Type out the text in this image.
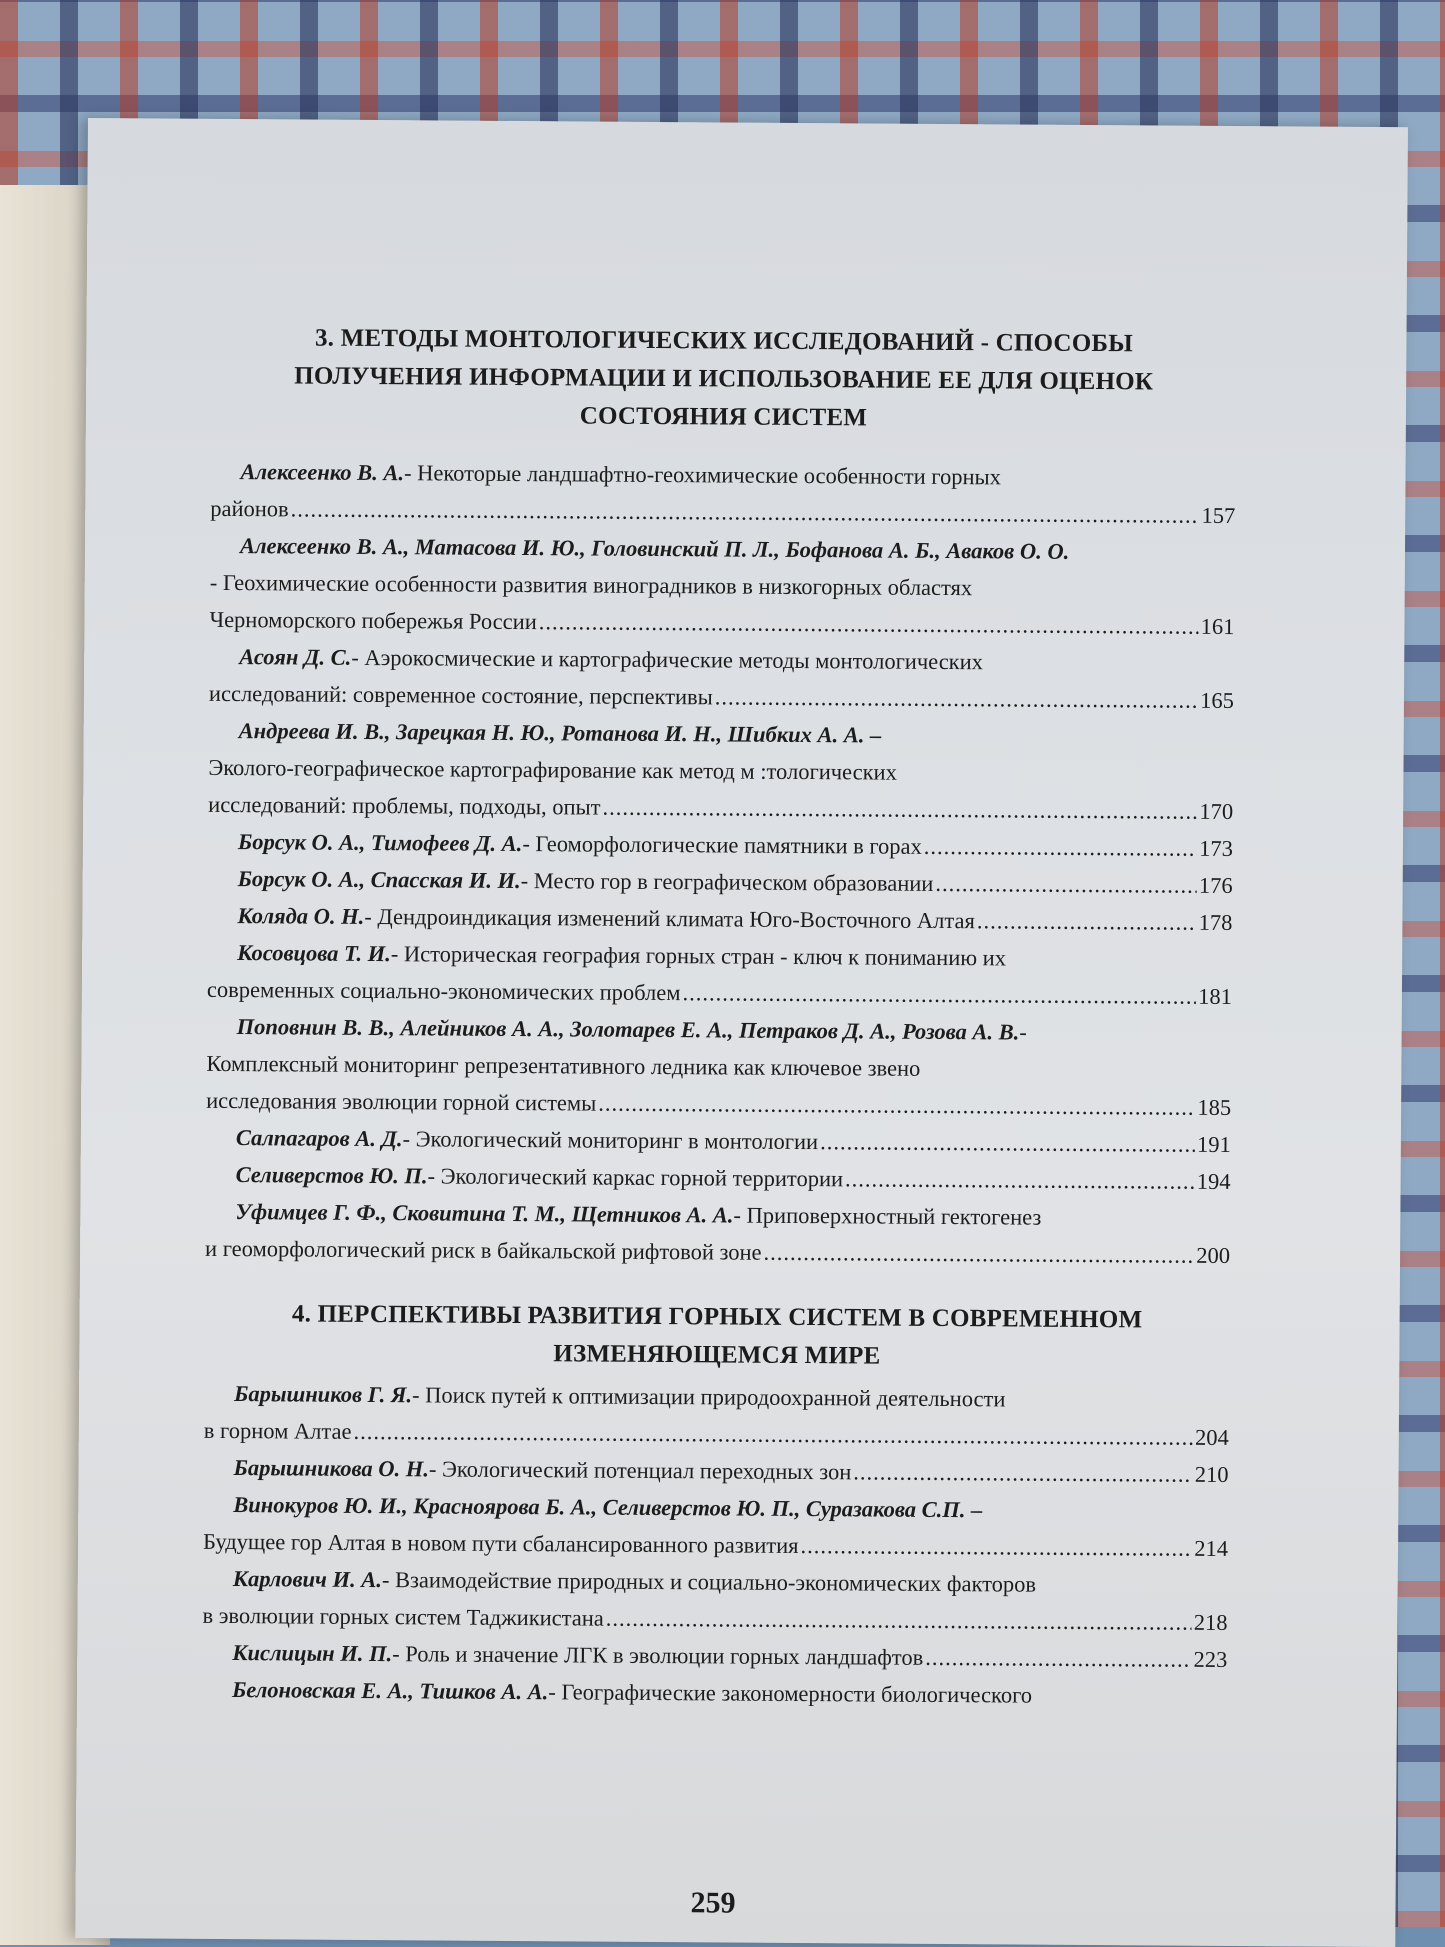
3. МЕТОДЫ МОНТОЛОГИЧЕСКИХ ИССЛЕДОВАНИЙ - СПОСОБЫ
ПОЛУЧЕНИЯ ИНФОРМАЦИИ И ИСПОЛЬЗОВАНИЕ ЕЕ ДЛЯ ОЦЕНОК
СОСТОЯНИЯ СИСТЕМ
Алексеенко В. А. - Некоторые ландшафтно-геохимические особенности горных
районов .....	157
Алексеенко В. А., Матасова И. Ю., Головинский П. Л., Бофанова А. Б., Аваков О. О.
- Геохимические особенности развития виноградников в низкогорных областях
Черноморского побережья России .....	161
Асоян Д. С. - Аэрокосмические и картографические методы монтологических
исследований: современное состояние, перспективы .....	165
Андреева И. В., Зарецкая Н. Ю., Ротанова И. Н., Шибких А. А. –
Эколого-географическое картографирование как метод м :тологических
исследований: проблемы, подходы, опыт .....	170
Борсук О. А., Тимофеев Д. А. - Геоморфологические памятники в горах .....	173
Борсук О. А., Спасская И. И. - Место гор в географическом образовании .....	176
Коляда О. Н. - Дендроиндикация изменений климата Юго-Восточного Алтая .....	178
Косовцова Т. И. - Историческая география горных стран - ключ к пониманию их
современных социально-экономических проблем .....	181
Поповнин В. В., Алейников А. А., Золотарев Е. А., Петраков Д. А., Розова А. В. -
Комплексный мониторинг репрезентативного ледника как ключевое звено
исследования эволюции горной системы .....	185
Салпагаров А. Д. - Экологический мониторинг в монтологии .....	191
Селиверстов Ю. П. - Экологический каркас горной территории .....	194
Уфимцев Г. Ф., Сковитина Т. М., Щетников А. А. - Приповерхностный гектогенез
и геоморфологический риск в байкальской рифтовой зоне .....	200
4. ПЕРСПЕКТИВЫ РАЗВИТИЯ ГОРНЫХ СИСТЕМ В СОВРЕМЕННОМ
ИЗМЕНЯЮЩЕМСЯ МИРЕ
Барышников Г. Я. - Поиск путей к оптимизации природоохранной деятельности
в горном Алтае .....	204
Барышникова О. Н. - Экологический потенциал переходных зон .....	210
Винокуров Ю. И., Красноярова Б. А., Селиверстов Ю. П., Суразакова С.П. –
Будущее гор Алтая в новом пути сбалансированного развития .....	214
Карлович И. А. - Взаимодействие природных и социально-экономических факторов
в эволюции горных систем Таджикистана .....	218
Кислицын И. П. - Роль и значение ЛГК в эволюции горных ландшафтов .....	223
Белоновская Е. А., Тишков А. А. - Географические закономерности биологического
259
